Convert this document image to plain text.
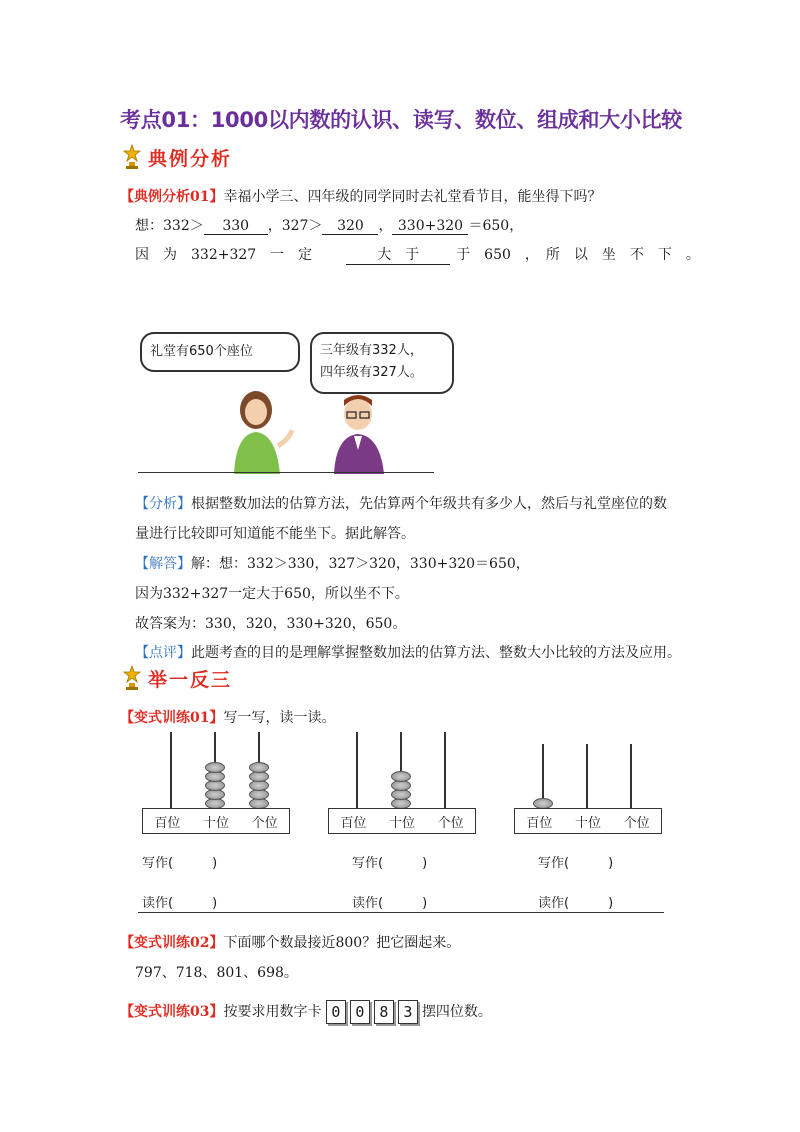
考点01：1000以内数的认识、读写、数位、组成和大小比较
典例分析
【典例分析01】幸福小学三、四年级的同学同时去礼堂看节目，能坐得下吗？
想：332＞ 330 ，327＞ 320 ， 330+320 ＝650，
因　为　332+327　一　定	大　于	于　650　，　所　以　坐　不　下　。
礼堂有650个座位	三年级有332人，
四年级有327人。
【分析】根据整数加法的估算方法，先估算两个年级共有多少人，然后与礼堂座位的数
量进行比较即可知道能不能坐下。据此解答。
【解答】解：想：332＞330，327＞320，330+320＝650，
因为332+327一定大于650，所以坐不下。
故答案为：330，320，330+320，650。
【点评】此题考查的目的是理解掌握整数加法的估算方法、整数大小比较的方法及应用。
举一反三
【变式训练01】写一写，读一读。
百位 十位 个位
写作(　　　)
读作(　　　)
百位 十位 个位
写作(　　　)
读作(　　　)
百位 十位 个位
写作(　　　)
读作(　　　)
【变式训练02】下面哪个数最接近800？把它圈起来。
797、718、801、698。
【变式训练03】按要求用数字卡 0 0 8 3 摆四位数。
